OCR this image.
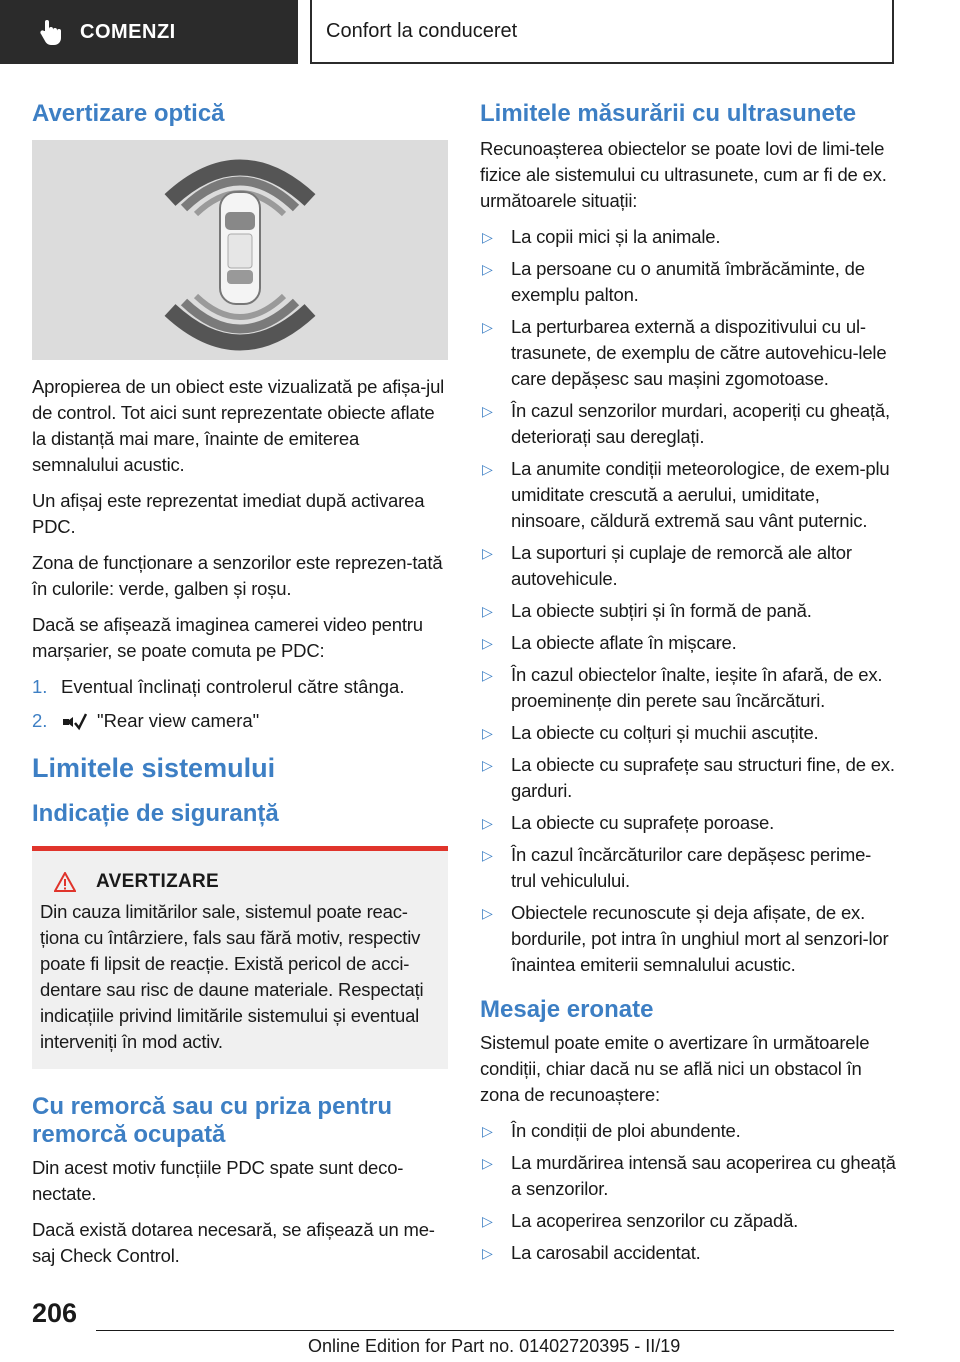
COMENZI	Confort la conduceret
Avertizare optică

Apropierea de un obiect este vizualizată pe afișa-jul de control. Tot aici sunt reprezentate obiecte aflate la distanță mai mare, înainte de emiterea semnalului acustic.

Un afișaj este reprezentat imediat după activarea PDC.

Zona de funcționare a senzorilor este reprezen-tată în culorile: verde, galben și roșu.

Dacă se afișează imaginea camerei video pentru marșarier, se poate comuta pe PDC:

1. Eventual înclinați controlerul către stânga.
2.	"Rear view camera"
Limitele sistemului
Indicație de siguranță
AVERTIZARE

Din cauza limitărilor sale, sistemul poate reac-ționa cu întârziere, fals sau fără motiv, respectiv poate fi lipsit de reacție. Există pericol de acci-dentare sau risc de daune materiale. Respectați indicațiile privind limitările sistemului și eventual interveniți în mod activ.

Cu remorcă sau cu priza pentru remorcă ocupată

Din acest motiv funcțiile PDC spate sunt deco-nectate.

Dacă există dotarea necesară, se afișează un me-saj Check Control.

Limitele măsurării cu ultrasunete

Recunoașterea obiectelor se poate lovi de limi-tele fizice ale sistemului cu ultrasunete, cum ar fi de ex. următoarele situații:

▷ La copii mici și la animale.
▷ La persoane cu o anumită îmbrăcăminte, de exemplu palton.
▷ La perturbarea externă a dispozitivului cu ul-trasunete, de exemplu de către autovehicu-lele care depășesc sau mașini zgomotoase.
▷ În cazul senzorilor murdari, acoperiți cu gheață, deteriorați sau dereglați.
▷ La anumite condiții meteorologice, de exem-plu umiditate crescută a aerului, umiditate, ninsoare, căldură extremă sau vânt puternic.
▷ La suporturi și cuplaje de remorcă ale altor autovehicule.
▷ La obiecte subțiri și în formă de pană.
▷ La obiecte aflate în mișcare.
▷ În cazul obiectelor înalte, ieșite în afară, de ex. proeminențe din perete sau încărcături.
▷ La obiecte cu colțuri și muchii ascuțite.
▷ La obiecte cu suprafețe sau structuri fine, de ex. garduri.
▷ La obiecte cu suprafețe poroase.
▷ În cazul încărcăturilor care depășesc perime-trul vehiculului.
▷ Obiectele recunoscute și deja afișate, de ex. bordurile, pot intra în unghiul mort al senzori-lor înaintea emiterii semnalului acustic.
Mesaje eronate

Sistemul poate emite o avertizare în următoarele condiții, chiar dacă nu se află nici un obstacol în zona de recunoaștere:

▷ În condiții de ploi abundente.
▷ La murdărirea intensă sau acoperirea cu gheață a senzorilor.
▷ La acoperirea senzorilor cu zăpadă.
▷ La carosabil accidentat.
206
Online Edition for Part no. 01402720395 - II/19
